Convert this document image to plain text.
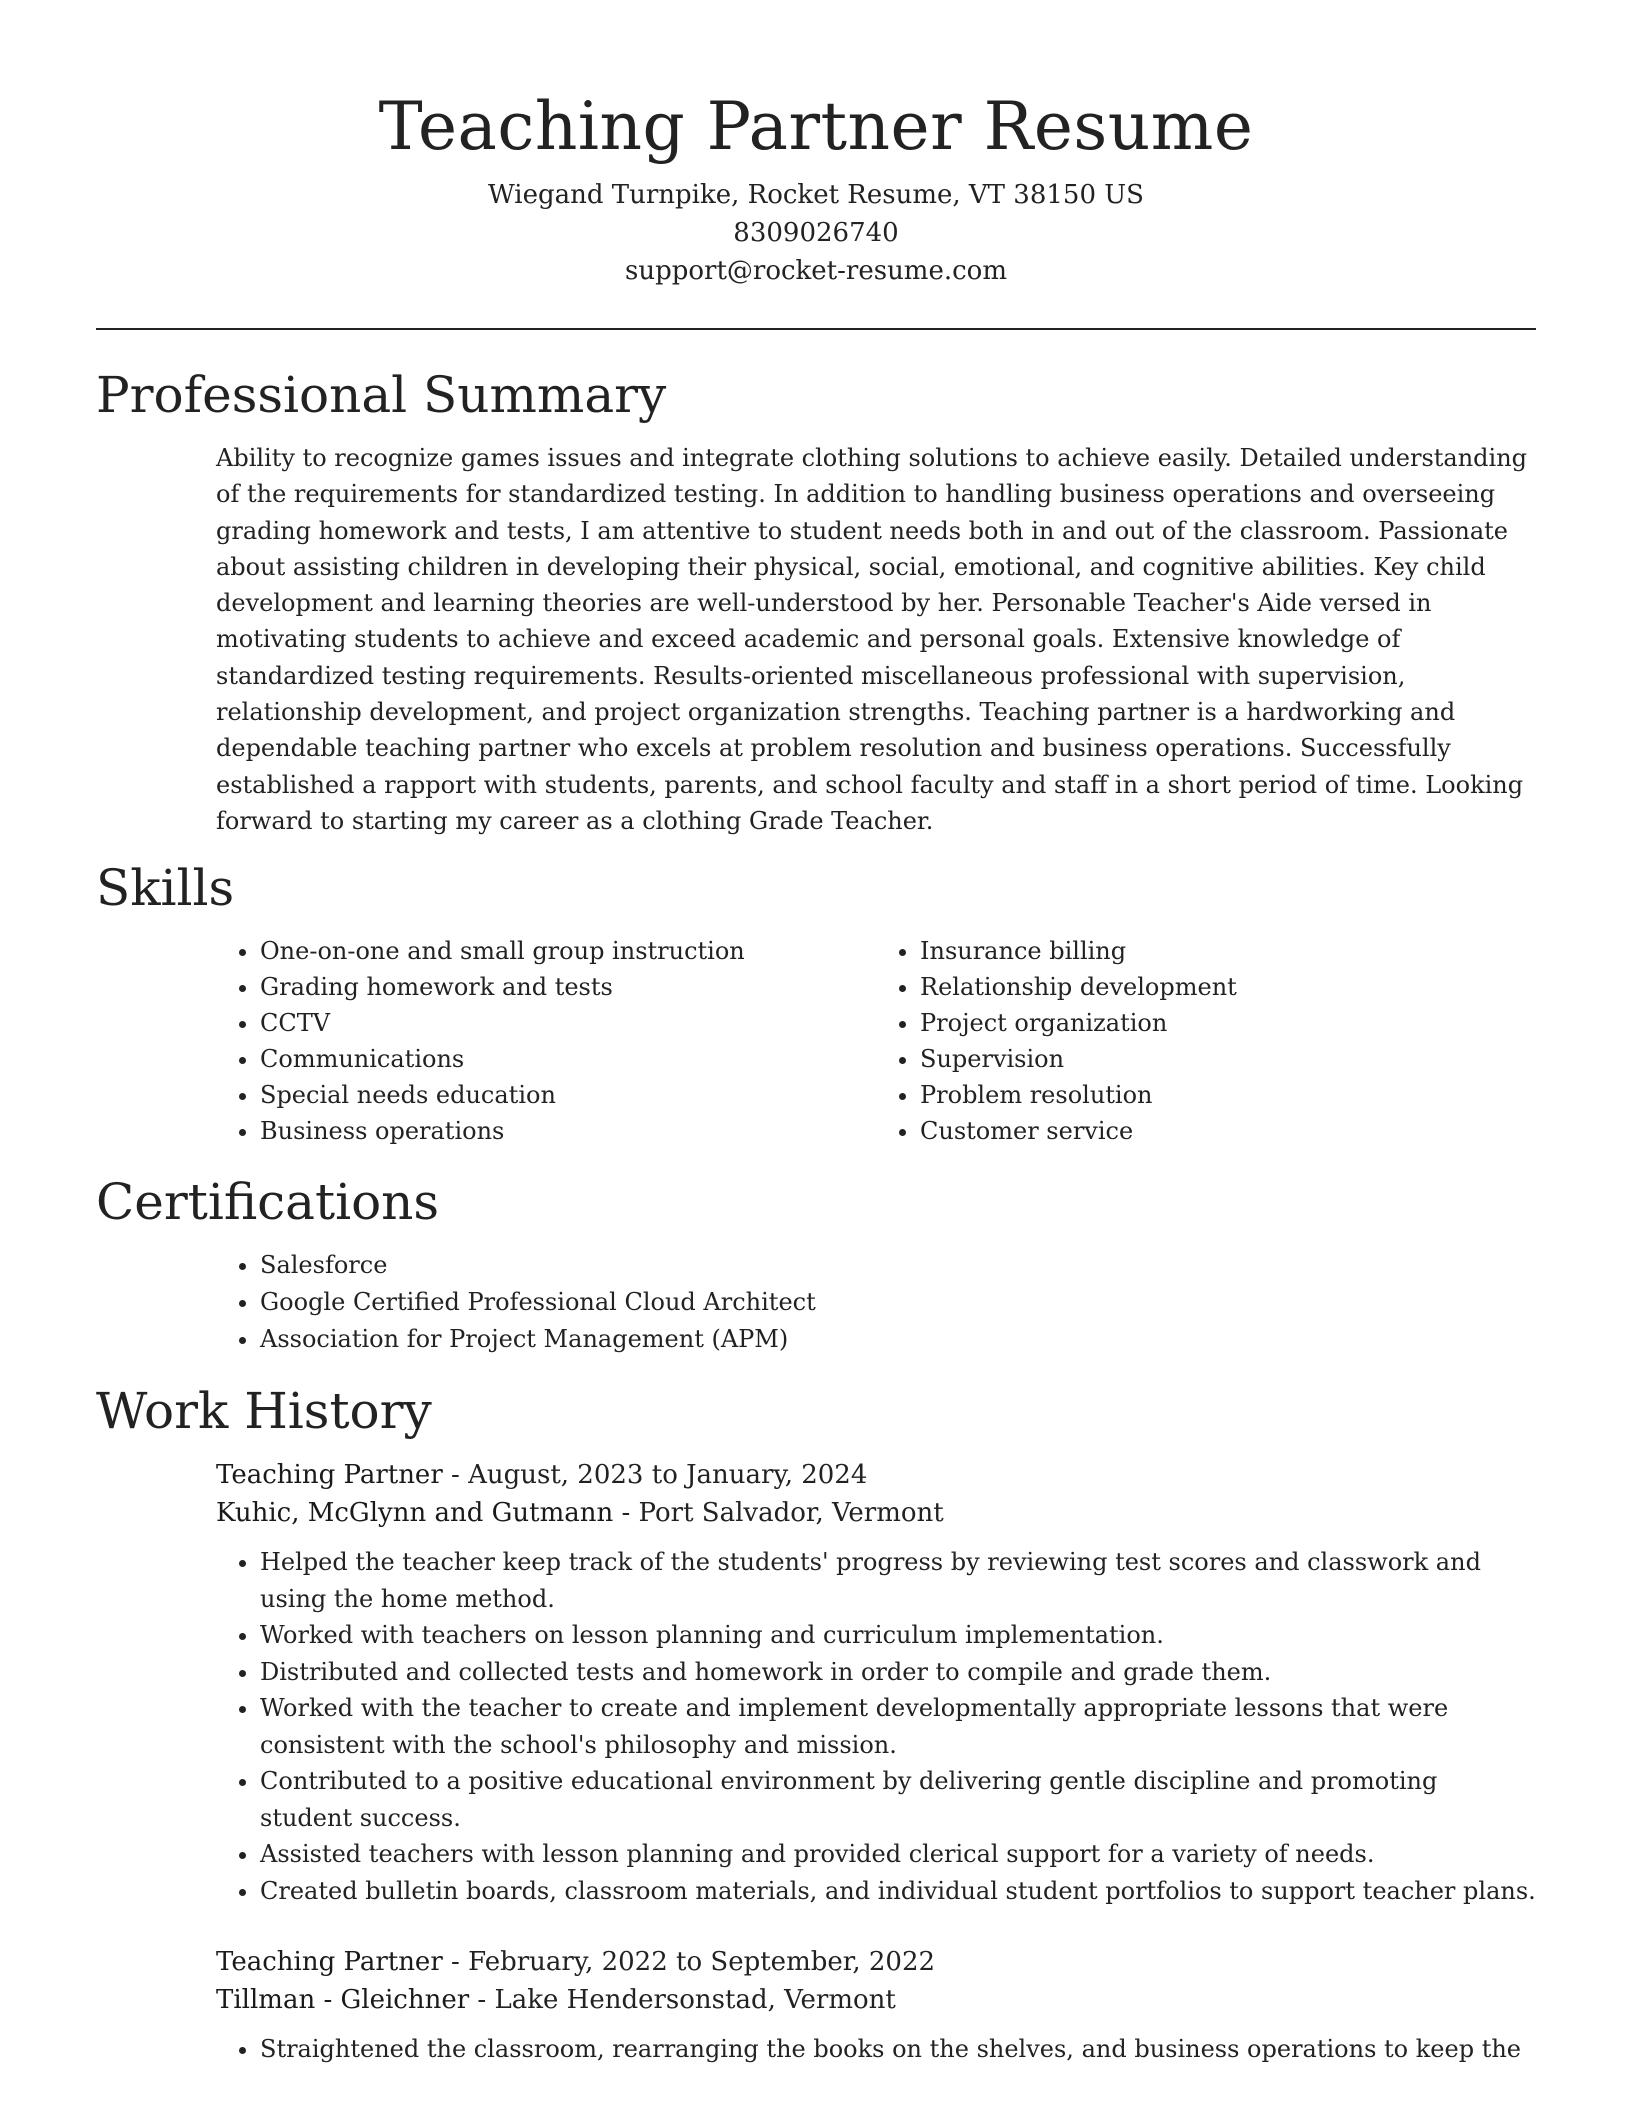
Teaching Partner Resume
Wiegand Turnpike, Rocket Resume, VT 38150 US
8309026740
support@rocket-resume.com
Professional Summary

Ability to recognize games issues and integrate clothing solutions to achieve easily. Detailed understanding of the requirements for standardized testing. In addition to handling business operations and overseeing grading homework and tests, I am attentive to student needs both in and out of the classroom. Passionate about assisting children in developing their physical, social, emotional, and cognitive abilities. Key child development and learning theories are well-understood by her. Personable Teacher's Aide versed in motivating students to achieve and exceed academic and personal goals. Extensive knowledge of standardized testing requirements. Results-oriented miscellaneous professional with supervision, relationship development, and project organization strengths. Teaching partner is a hardworking and dependable teaching partner who excels at problem resolution and business operations. Successfully established a rapport with students, parents, and school faculty and staff in a short period of time. Looking forward to starting my career as a clothing Grade Teacher.

Skills
• One-on-one and small group instruction
• Grading homework and tests
• CCTV
• Communications
• Special needs education
• Business operations
• Insurance billing
• Relationship development
• Project organization
• Supervision
• Problem resolution
• Customer service
Certifications
• Salesforce
• Google Certified Professional Cloud Architect
• Association for Project Management (APM)
Work History
Teaching Partner - August, 2023 to January, 2024
Kuhic, McGlynn and Gutmann - Port Salvador, Vermont
• Helped the teacher keep track of the students' progress by reviewing test scores and classwork and using the home method.
• Worked with teachers on lesson planning and curriculum implementation.
• Distributed and collected tests and homework in order to compile and grade them.
• Worked with the teacher to create and implement developmentally appropriate lessons that were consistent with the school's philosophy and mission.
• Contributed to a positive educational environment by delivering gentle discipline and promoting student success.
• Assisted teachers with lesson planning and provided clerical support for a variety of needs.
• Created bulletin boards, classroom materials, and individual student portfolios to support teacher plans.
Teaching Partner - February, 2022 to September, 2022
Tillman - Gleichner - Lake Hendersonstad, Vermont
• Straightened the classroom, rearranging the books on the shelves, and business operations to keep the
